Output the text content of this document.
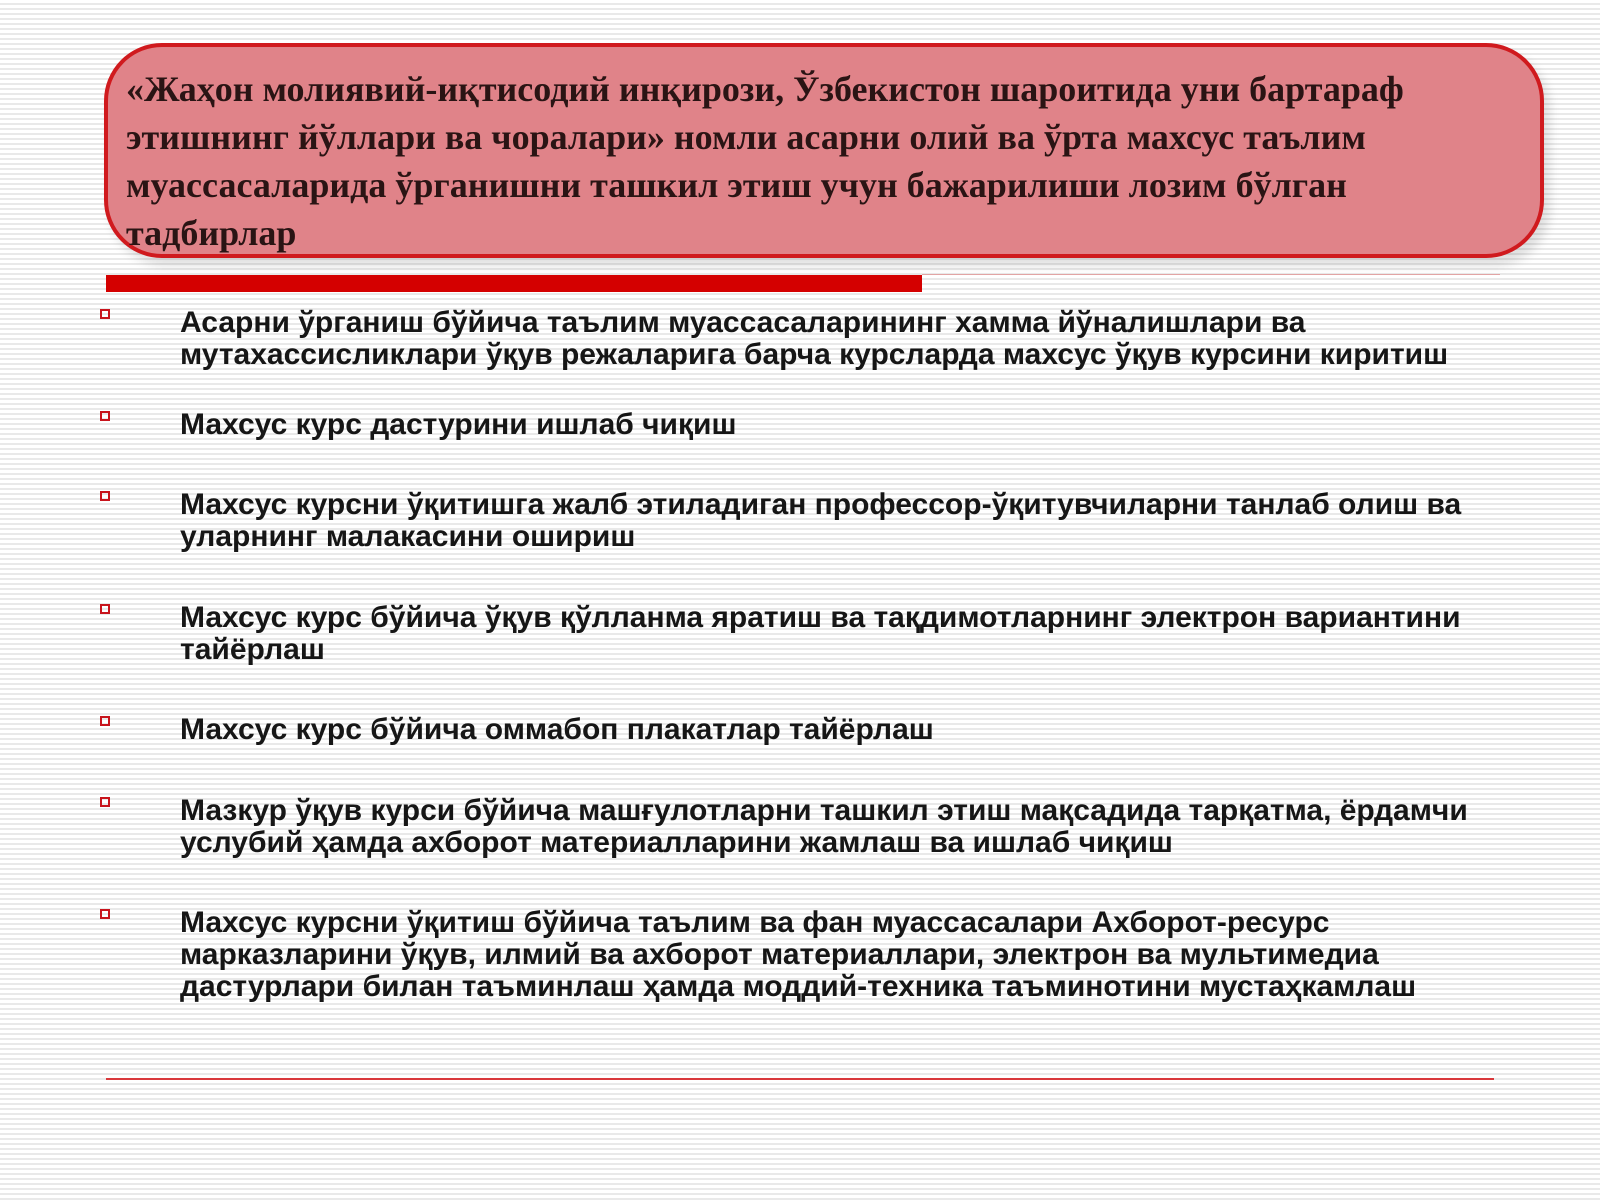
«Жаҳон молиявий-иқтисодий инқирози, Ўзбекистон шароитида уни бартараф этишнинг йўллари ва чоралари» номли асарни олий ва ўрта махсус таълим муассасаларида ўрганишни ташкил этиш учун бажарилиши лозим бўлган тадбирлар

Асарни ўрганиш бўйича таълим муассасаларининг хамма йўналишлари ва мутахассисликлари ўқув режаларига барча курсларда махсус ўқув курсини киритиш

Махсус курс дастурини ишлаб чиқиш

Махсус курсни ўқитишга жалб этиладиган профессор-ўқитувчиларни танлаб олиш ва уларнинг малакасини ошириш

Махсус курс бўйича ўқув қўлланма яратиш ва тақдимотларнинг электрон вариантини тайёрлаш

Махсус курс бўйича оммабоп плакатлар тайёрлаш

Мазкур ўқув курси бўйича машғулотларни ташкил этиш мақсадида тарқатма, ёрдамчи услубий ҳамда ахборот материалларини жамлаш ва ишлаб чиқиш

Махсус курсни ўқитиш бўйича таълим ва фан муассасалари Ахборот-ресурс марказларини ўқув, илмий ва ахборот материаллари, электрон ва мультимедиа дастурлари билан таъминлаш ҳамда моддий-техника таъминотини мустаҳкамлаш
